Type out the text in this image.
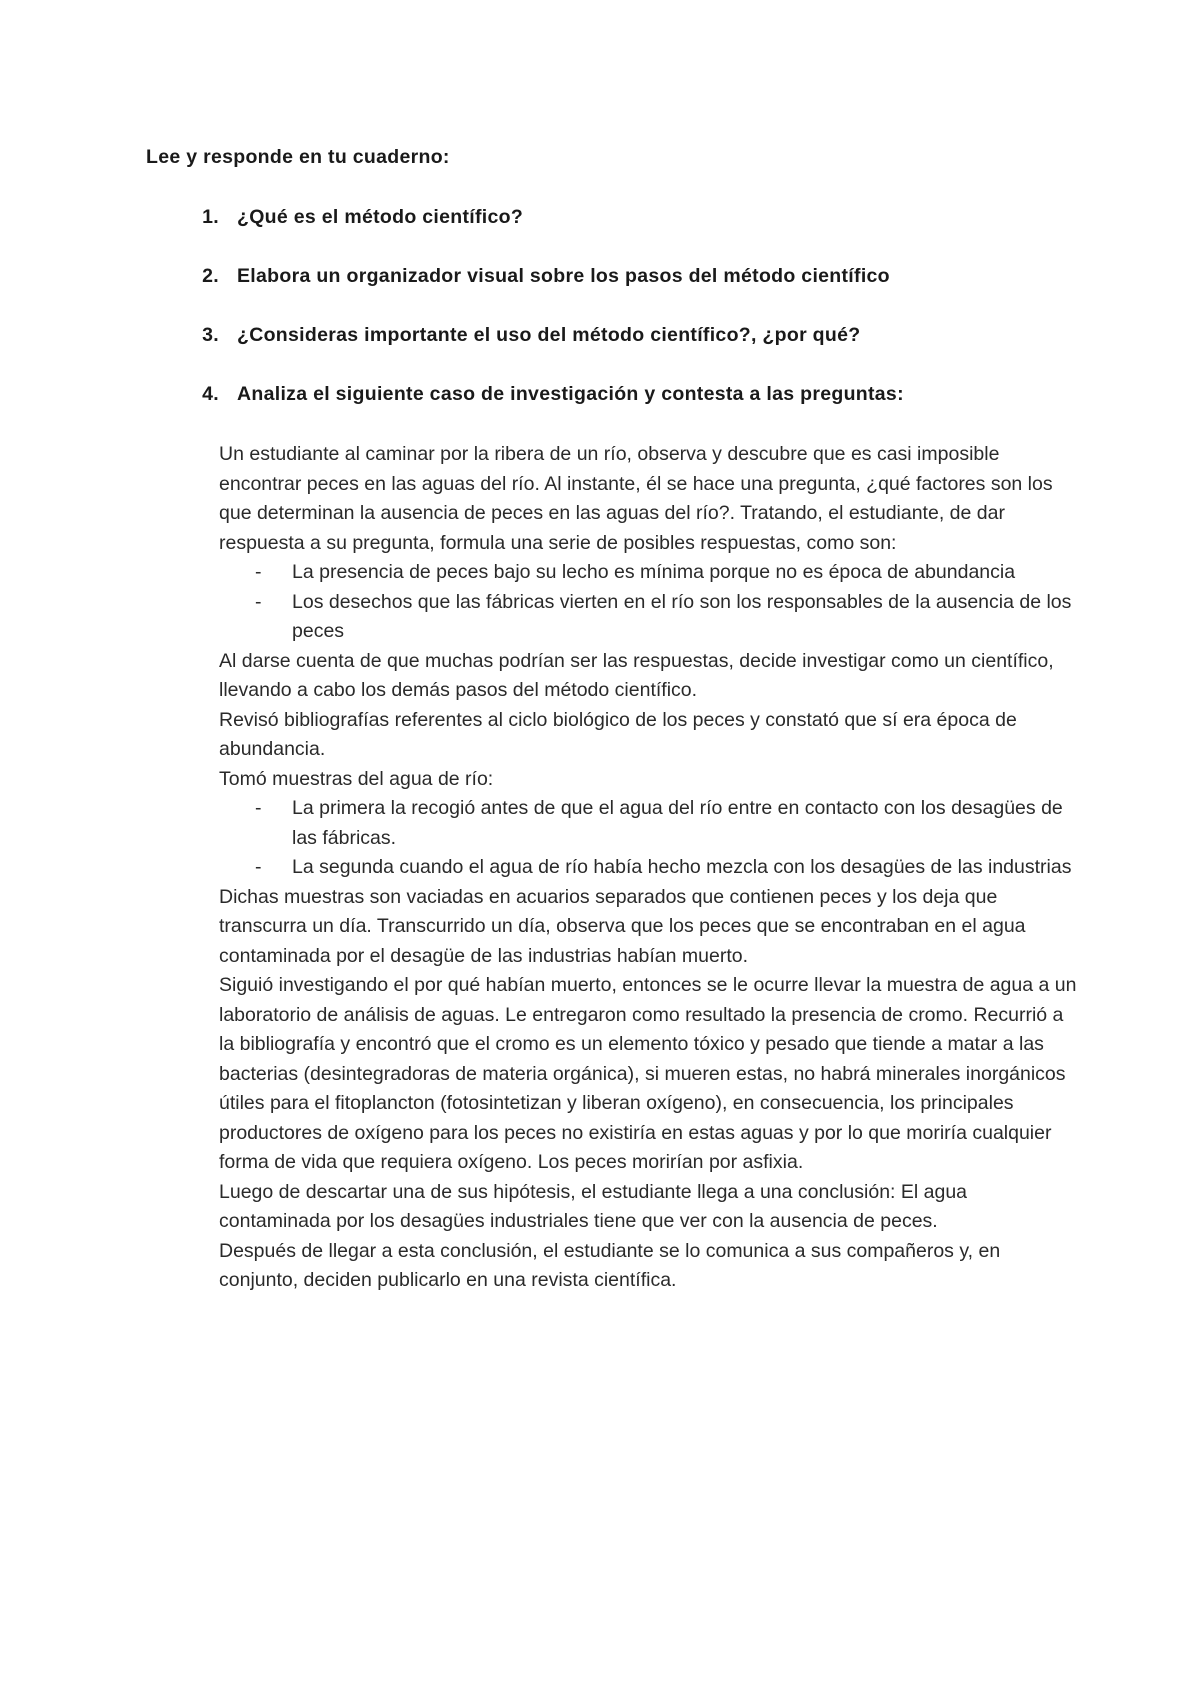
Lee y responde en tu cuaderno:

1. ¿Qué es el método científico?
2. Elabora un organizador visual sobre los pasos del método científico
3. ¿Consideras importante el uso del método científico?, ¿por qué?
4. Analiza el siguiente caso de investigación y contesta a las preguntas:

Un estudiante al caminar por la ribera de un río, observa y descubre que es casi imposible encontrar peces en las aguas del río. Al instante, él se hace una pregunta, ¿qué factores son los que determinan la ausencia de peces en las aguas del río?. Tratando, el estudiante, de dar respuesta a su pregunta, formula una serie de posibles respuestas, como son:

- La presencia de peces bajo su lecho es mínima porque no es época de abundancia
- Los desechos que las fábricas vierten en el río son los responsables de la ausencia de los peces

Al darse cuenta de que muchas podrían ser las respuestas, decide investigar como un científico, llevando a cabo los demás pasos del método científico.

Revisó bibliografías referentes al ciclo biológico de los peces y constató que sí era época de abundancia.

Tomó muestras del agua de río:

- La primera la recogió antes de que el agua del río entre en contacto con los desagües de las fábricas.
- La segunda cuando el agua de río había hecho mezcla con los desagües de las industrias

Dichas muestras son vaciadas en acuarios separados que contienen peces y los deja que transcurra un día. Transcurrido un día, observa que los peces que se encontraban en el agua contaminada por el desagüe de las industrias habían muerto.

Siguió investigando el por qué habían muerto, entonces se le ocurre llevar la muestra de agua a un laboratorio de análisis de aguas. Le entregaron como resultado la presencia de cromo. Recurrió a la bibliografía y encontró que el cromo es un elemento tóxico y pesado que tiende a matar a las bacterias (desintegradoras de materia orgánica), si mueren estas, no habrá minerales inorgánicos útiles para el fitoplancton (fotosintetizan y liberan oxígeno), en consecuencia, los principales productores de oxígeno para los peces no existiría en estas aguas y por lo que moriría cualquier forma de vida que requiera oxígeno. Los peces morirían por asfixia.

Luego de descartar una de sus hipótesis, el estudiante llega a una conclusión: El agua contaminada por los desagües industriales tiene que ver con la ausencia de peces.

Después de llegar a esta conclusión, el estudiante se lo comunica a sus compañeros y, en conjunto, deciden publicarlo en una revista científica.
